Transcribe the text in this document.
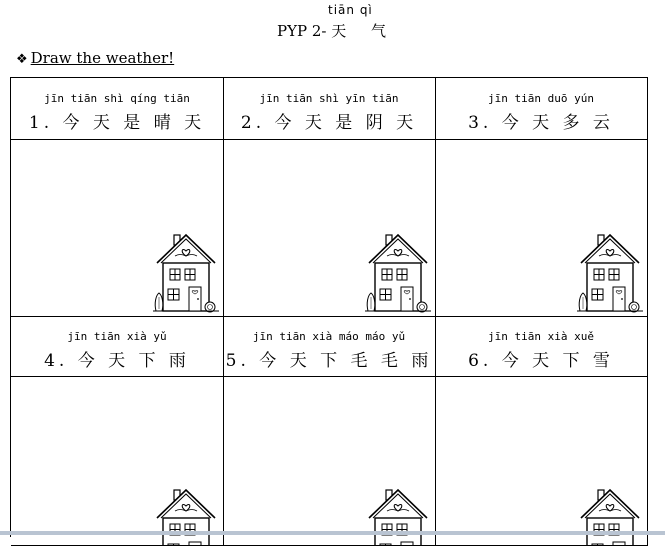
tiān qì
PYP 2- 天 气
❖ Draw the weather!
jīn tiān shì qíng tiān
1. 今 天 是 晴 天
jīn tiān shì yīn tiān
2. 今 天 是 阴 天
jīn tiān duō yún
3. 今 天 多 云
jīn tiān xià yǔ
4. 今 天 下 雨
jīn tiān xià máo máo yǔ
5. 今 天 下 毛 毛 雨
jīn tiān xià xuě
6. 今 天 下 雪
